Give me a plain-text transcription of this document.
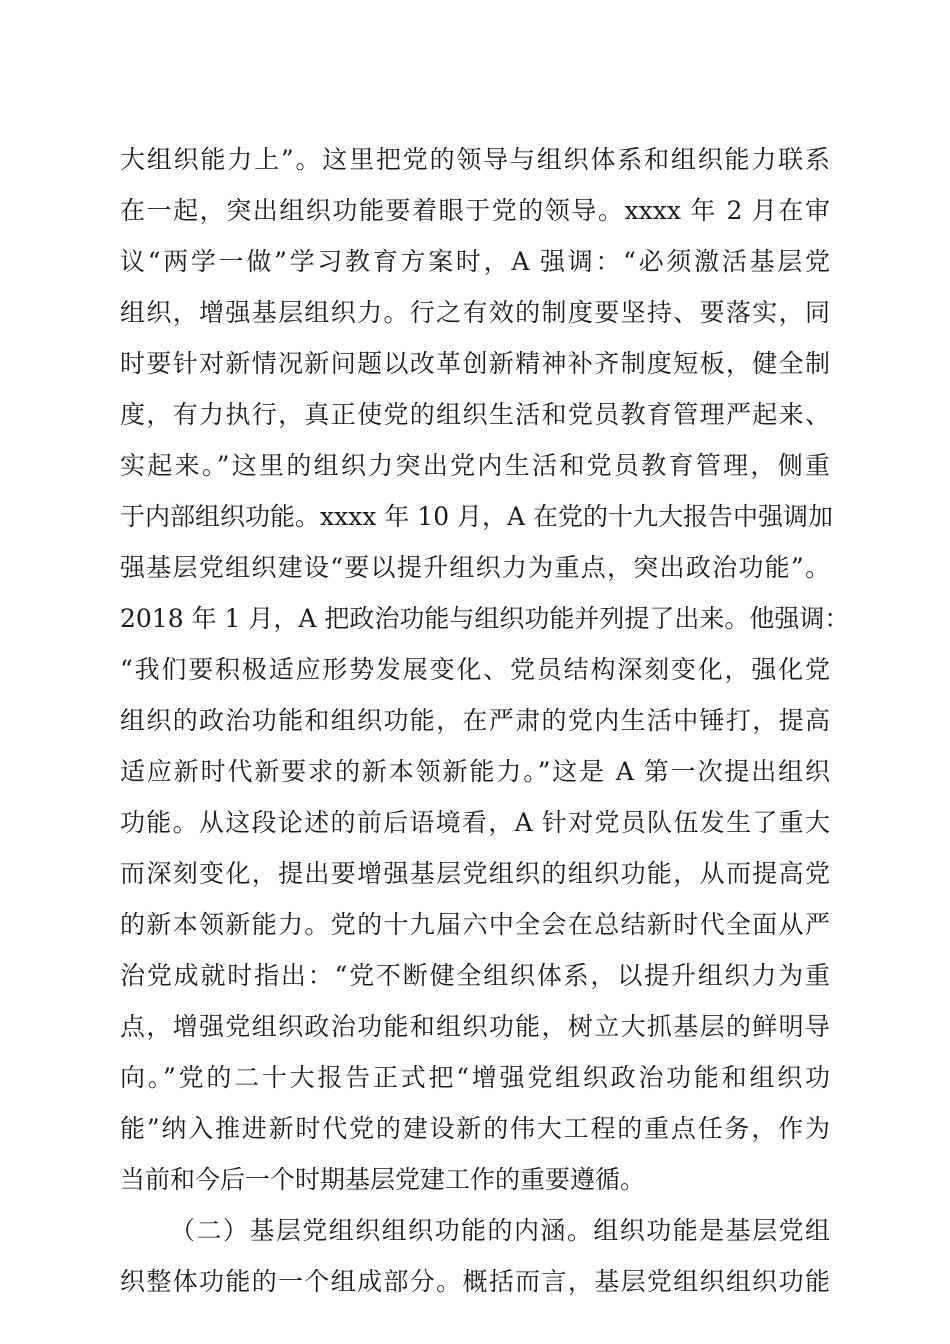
大组织能力上”。这里把党的领导与组织体系和组织能力联系
在一起，突出组织功能要着眼于党的领导。xxxx 年 2 月在审
议“两学一做”学习教育方案时，A 强调：“必须激活基层党
组织，增强基层组织力。行之有效的制度要坚持、要落实，同
时要针对新情况新问题以改革创新精神补齐制度短板，健全制
度，有力执行，真正使党的组织生活和党员教育管理严起来、
实起来。”这里的组织力突出党内生活和党员教育管理，侧重
于内部组织功能。xxxx 年 10 月，A 在党的十九大报告中强调加
强基层党组织建设“要以提升组织力为重点，突出政治功能”。
2018 年 1 月，A 把政治功能与组织功能并列提了出来。他强调：
“我们要积极适应形势发展变化、党员结构深刻变化，强化党
组织的政治功能和组织功能，在严肃的党内生活中锤打，提高
适应新时代新要求的新本领新能力。”这是 A 第一次提出组织
功能。从这段论述的前后语境看，A 针对党员队伍发生了重大
而深刻变化，提出要增强基层党组织的组织功能，从而提高党
的新本领新能力。党的十九届六中全会在总结新时代全面从严
治党成就时指出：“党不断健全组织体系，以提升组织力为重
点，增强党组织政治功能和组织功能，树立大抓基层的鲜明导
向。”党的二十大报告正式把“增强党组织政治功能和组织功
能”纳入推进新时代党的建设新的伟大工程的重点任务，作为
当前和今后一个时期基层党建工作的重要遵循。
（二）基层党组织组织功能的内涵。组织功能是基层党组
织整体功能的一个组成部分。概括而言，基层党组织组织功能
